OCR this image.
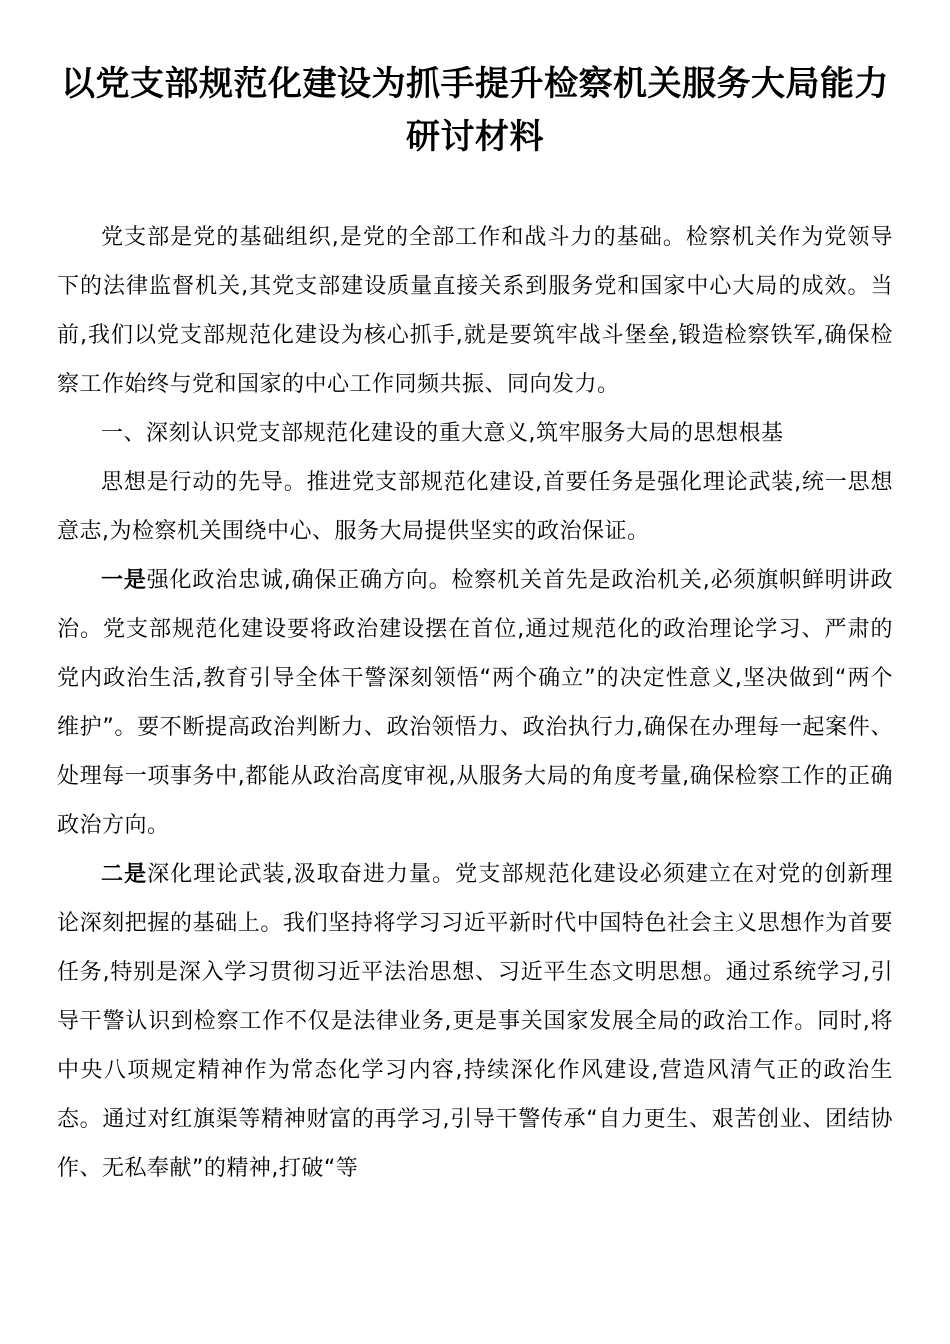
以党支部规范化建设为抓手提升检察机关服务大局能力研讨材料

党支部是党的基础组织,是党的全部工作和战斗力的基础。检察机关作为党领导下的法律监督机关,其党支部建设质量直接关系到服务党和国家中心大局的成效。当前,我们以党支部规范化建设为核心抓手,就是要筑牢战斗堡垒,锻造检察铁军,确保检察工作始终与党和国家的中心工作同频共振、同向发力。

一、深刻认识党支部规范化建设的重大意义,筑牢服务大局的思想根基

思想是行动的先导。推进党支部规范化建设,首要任务是强化理论武装,统一思想意志,为检察机关围绕中心、服务大局提供坚实的政治保证。

一是强化政治忠诚,确保正确方向。检察机关首先是政治机关,必须旗帜鲜明讲政治。党支部规范化建设要将政治建设摆在首位,通过规范化的政治理论学习、严肃的党内政治生活,教育引导全体干警深刻领悟“两个确立”的决定性意义,坚决做到“两个维护”。要不断提高政治判断力、政治领悟力、政治执行力,确保在办理每一起案件、处理每一项事务中,都能从政治高度审视,从服务大局的角度考量,确保检察工作的正确政治方向。

二是深化理论武装,汲取奋进力量。党支部规范化建设必须建立在对党的创新理论深刻把握的基础上。我们坚持将学习习近平新时代中国特色社会主义思想作为首要任务,特别是深入学习贯彻习近平法治思想、习近平生态文明思想。通过系统学习,引导干警认识到检察工作不仅是法律业务,更是事关国家发展全局的政治工作。同时,将中央八项规定精神作为常态化学习内容,持续深化作风建设,营造风清气正的政治生态。通过对红旗渠等精神财富的再学习,引导干警传承“自力更生、艰苦创业、团结协作、无私奉献”的精神,打破“等
